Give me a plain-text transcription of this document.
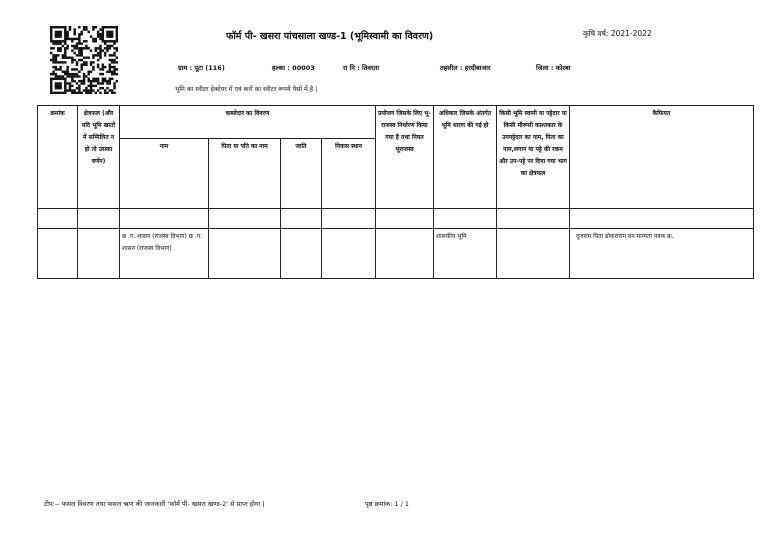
फॉर्म पी- खसरा पांचसाला खण्ड-1 (भूमिस्वामी का विवरण)	कृषि वर्ष: 2021-2022
ग्राम : पूटा (116)	हल्का : 00003	रा नि : तिवरता	तहसील : हरदीबाजार	जिला : कोरबा
भूमि का स्वीटर हेक्टेयर में एवं करों का स्वीटर रूपये पैसों में है |
क्रमांक	क्षेत्रफल (और यदि भूमि खातों में सम्मिलित न हो तो उसका वर्णन)	कब्जेदार का विवरण				प्रयोजन जिसके लिए भू-राजस्व निर्धारण किया गया है तथा नियत भूराजस्व	अधिकार जिसके अंतर्गत भूमि धारण की गई हो	किसी भूमि स्वामी या पट्टेदार या किसी मौरूसी काश्तकार के उपपट्टेदार का नाम, पिता का नाम,लगान या पट्टे की रकम और उप-पट्टे पर दिया गया भाग का क्षेत्रफल	कैफियत
		नाम	पिता या पति का नाम	जाति	निवास स्थान				

		छ .ग. शासन (राजस्व विभाग) छ .ग. शासन (राजस्व विभाग)					शासकीय भूमि		दूजराम पिता ढोकराराम वन मान्यता पत्रक क्र.
टीप:-- फसल विवरण तथा फसल ऋण की जानकारी 'फॉर्म पी- खसरा खण्ड-2' से प्राप्त होगा |	पृष्ठ क्रमांक: 1 / 1
